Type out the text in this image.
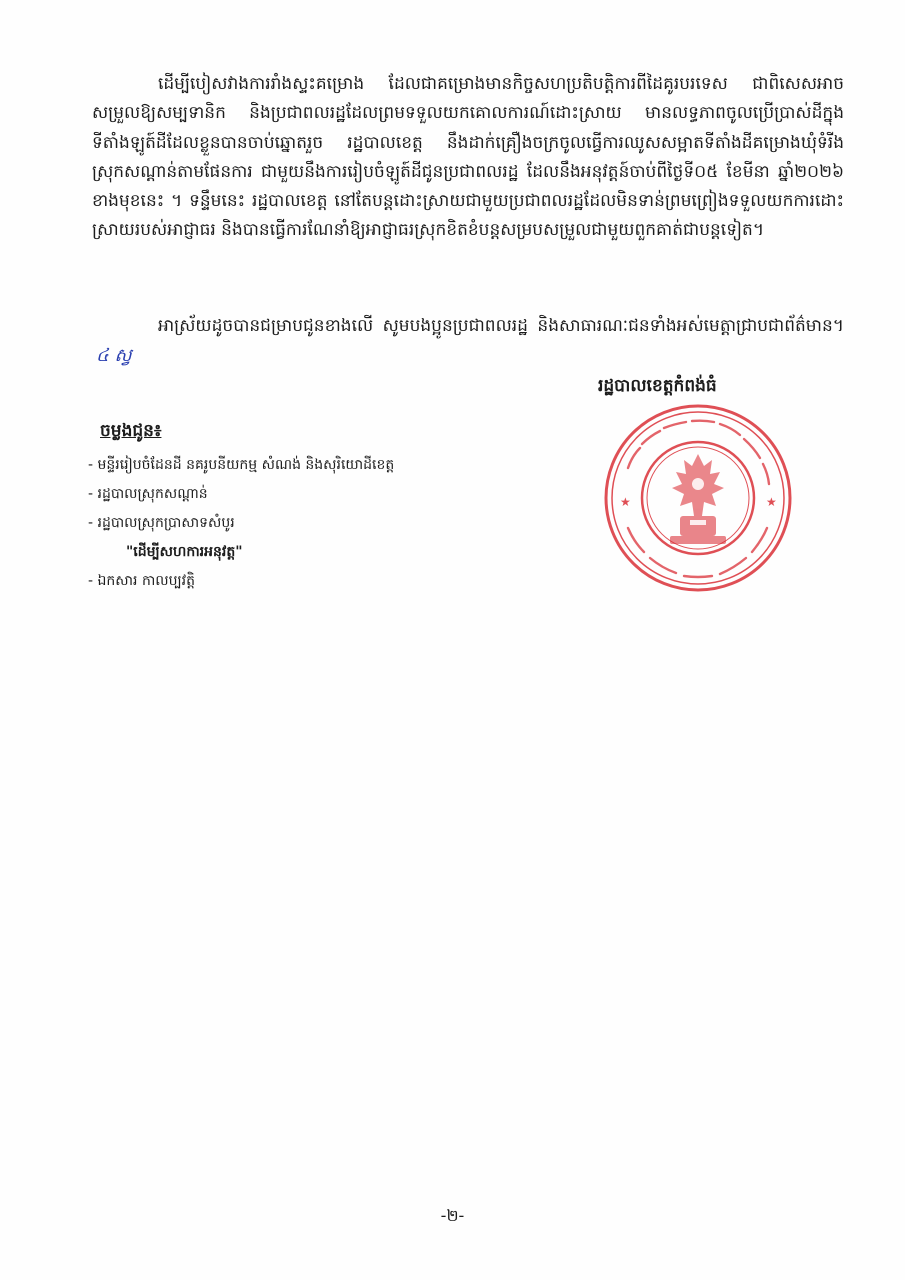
ដើម្បីបៀសវាងការរាំងស្ទះគម្រោង ដែលជាគម្រោងមានកិច្ចសហប្រតិបត្តិការពីដៃគូរបរទេស ជាពិសេសអាចសម្រួលឱ្យសម្បទានិក និងប្រជាពលរដ្ឋដែលព្រមទទួលយកគោលការណ៍ដោះស្រាយ មានលទ្ធភាពចូលប្រើប្រាស់ដីក្នុងទីតាំងឡូត៍ដីដែលខ្លួនបានចាប់ឆ្នោតរួច រដ្ឋបាលខេត្ត នឹងដាក់គ្រឿងចក្រចូលធ្វើការឈូសសម្អាតទីតាំងដីគម្រោងឃុំទំរីង ស្រុកសណ្ដាន់តាមផែនការ ជាមួយនឹងការរៀបចំឡូត៍ដីជូនប្រជាពលរដ្ឋ ដែលនឹងអនុវត្តន៍ចាប់ពីថ្ងៃទី០៥ ខែមីនា ឆ្នាំ២០២៦ ខាងមុខនេះ ។ ទន្ទឹមនេះ រដ្ឋបាលខេត្ត នៅតែបន្តដោះស្រាយជាមួយប្រជាពលរដ្ឋដែលមិនទាន់ព្រមព្រៀងទទួលយកការដោះស្រាយរបស់អាជ្ញាធរ និងបានធ្វើការណែនាំឱ្យអាជ្ញាធរស្រុកខិតខំបន្តសម្របសម្រួលជាមួយពួកគាត់ជាបន្តទៀត។

អាស្រ័យដូចបានជម្រាបជូនខាងលើ សូមបងប្អូនប្រជាពលរដ្ឋ និងសាធារណៈជនទាំងអស់មេត្តាជ្រាបជាព័ត៌មាន។៤ ស្វ

រដ្ឋបាលខេត្តកំពង់ធំ

★	★

ចម្លងជូន៖

- មន្ទីររៀបចំដែនដី នគរូបនីយកម្ម សំណង់ និងសុរិយោដីខេត្ត
- រដ្ឋបាលស្រុកសណ្ដាន់
- រដ្ឋបាលស្រុកប្រាសាទសំបូរ
"ដើម្បីសហការអនុវត្ត"
- ឯកសារ កាលប្បវត្តិ

-២-
